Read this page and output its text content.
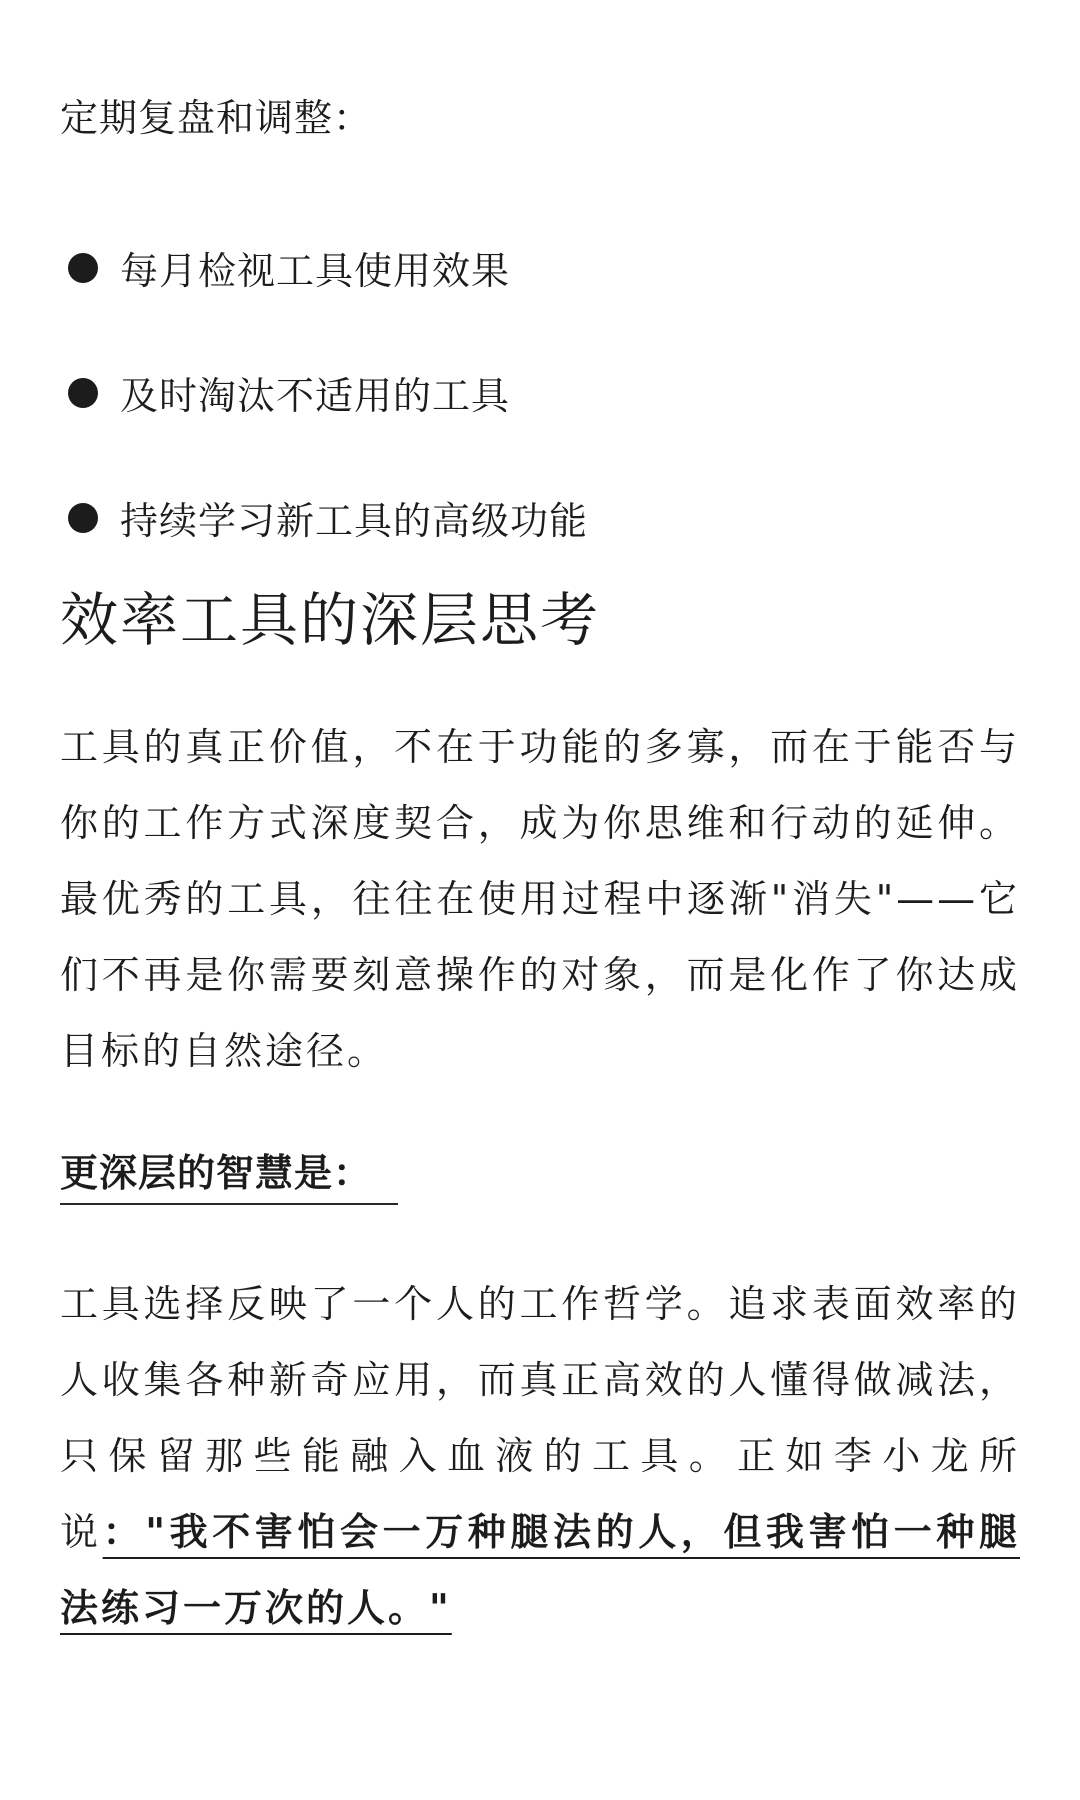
定期复盘和调整：

每月检视工具使用效果
及时淘汰不适用的工具
持续学习新工具的高级功能
效率工具的深层思考

工具的真正价值，不在于功能的多寡，而在于能否与你的工作方式深度契合，成为你思维和行动的延伸。最优秀的工具，往往在使用过程中逐渐"消失"——它们不再是你需要刻意操作的对象，而是化作了你达成目标的自然途径。

更深层的智慧是：

工具选择反映了一个人的工作哲学。追求表面效率的人收集各种新奇应用，而真正高效的人懂得做减法，只保留那些能融入血液的工具。正如李小龙所说："我不害怕会一万种腿法的人，但我害怕一种腿法练习一万次的人。"
